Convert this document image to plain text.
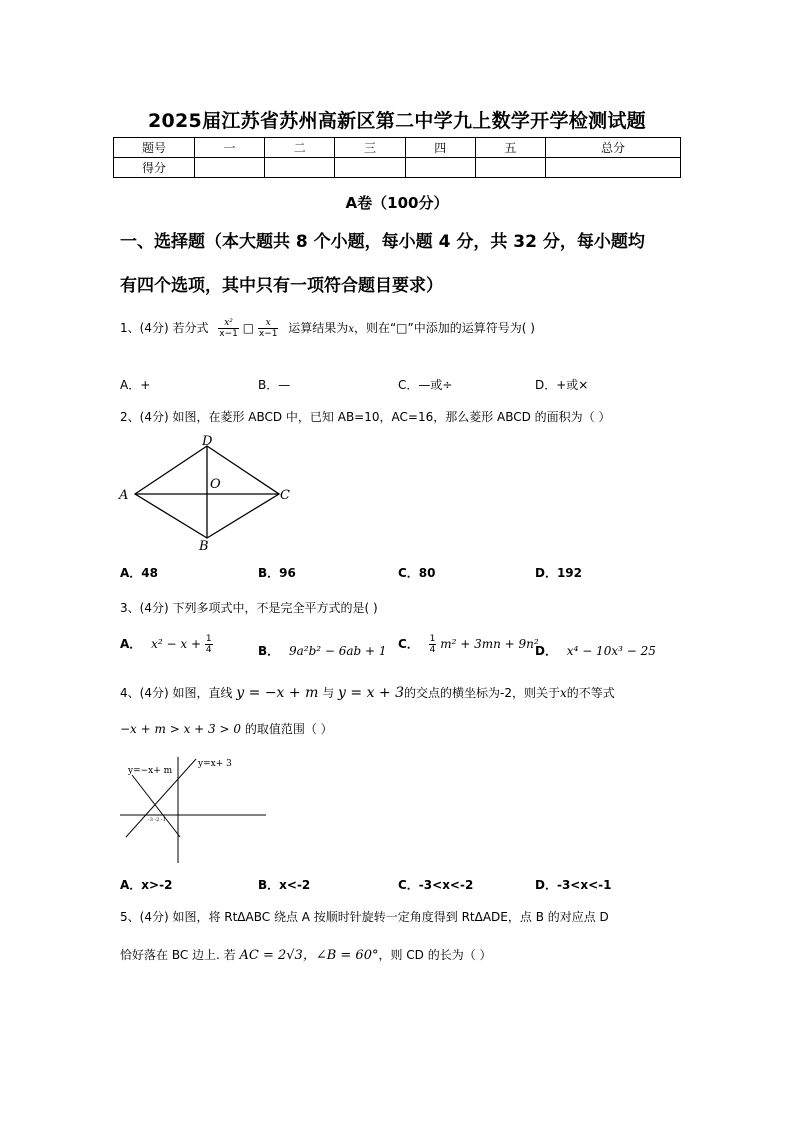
2025届江苏省苏州高新区第二中学九上数学开学检测试题
题号	一	二	三	四	五	总分
得分						
A卷（100分）
一、选择题（本大题共 8 个小题，每小题 4 分，共 32 分，每小题均
有四个选项，其中只有一项符合题目要求）
1、(4分) 若分式 $\frac{\text{x²}}{x-1}$ □ $\frac{x}{x-1}$ 运算结果为x，则在“□”中添加的运算符号为( )
A．+	B．—	C．—或÷	D．+或×
2、(4分) 如图，在菱形 ABCD 中，已知 AB=10，AC=16，那么菱形 ABCD 的面积为（ ）
D
A
O
C
B
A．48	B．96	C．80	D．192
3、(4分) 下列多项式中，不是完全平方式的是( )
A． $x^2 - x + \frac{1}{4}$	B． 9a²b² − 6ab + 1 C． $\frac{1}{4} m^2 + 3mn + 9n^2$
D． x⁴ − 10x³ − 25
4、(4分) 如图，直线 y = −x + m 与 y = x + 3的交点的横坐标为-2，则关于x的不等式
−x + m > x + 3 > 0 的取值范围（ ）
y=−x+ m
y=x+ 3
-3 -2 -1
A．x>-2	B．x<-2	C．-3<x<-2	D．-3<x<-1
5、(4分) 如图，将 RtΔABC 绕点 A 按顺时针旋转一定角度得到 RtΔADE，点 B 的对应点 D
恰好落在 BC 边上. 若 AC = 2√3，∠B = 60°，则 CD 的长为（ ）
